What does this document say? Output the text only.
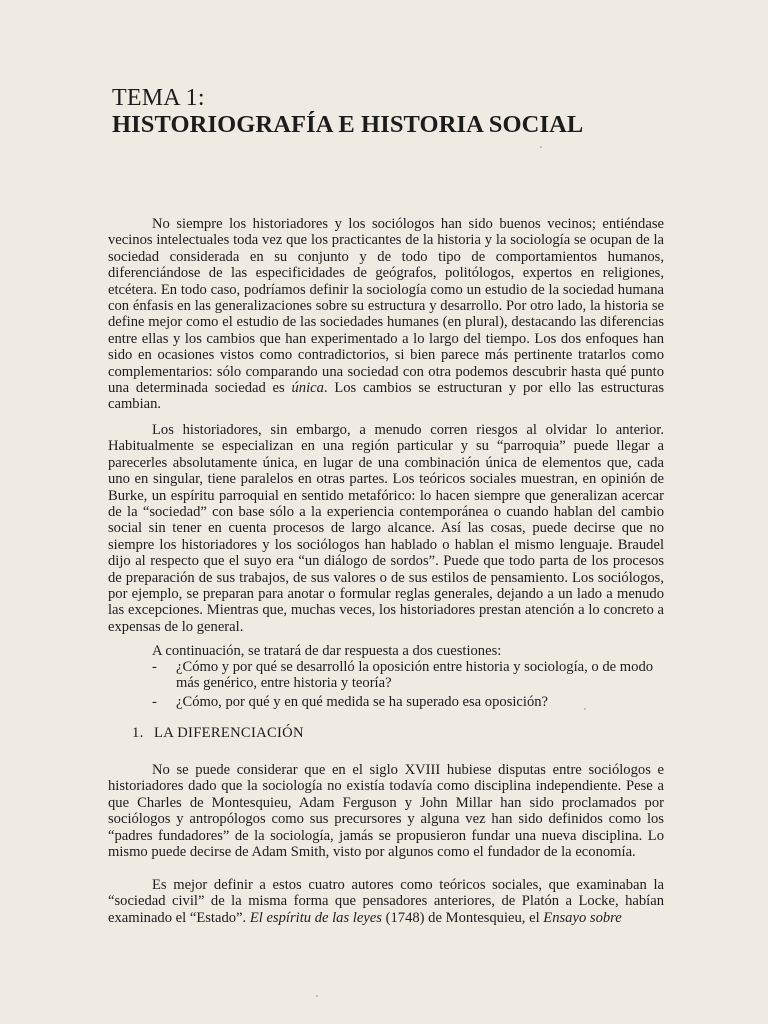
TEMA 1:
HISTORIOGRAFÍA E HISTORIA SOCIAL

No siempre los historiadores y los sociólogos han sido buenos vecinos; entiéndase vecinos intelectuales toda vez que los practicantes de la historia y la sociología se ocupan de la sociedad considerada en su conjunto y de todo tipo de comportamientos humanos, diferenciándose de las especificidades de geógrafos, politólogos, expertos en religiones, etcétera. En todo caso, podríamos definir la sociología como un estudio de la sociedad humana con énfasis en las generalizaciones sobre su estructura y desarrollo. Por otro lado, la historia se define mejor como el estudio de las sociedades humanes (en plural), destacando las diferencias entre ellas y los cambios que han experimentado a lo largo del tiempo. Los dos enfoques han sido en ocasiones vistos como contradictorios, si bien parece más pertinente tratarlos como complementarios: sólo comparando una sociedad con otra podemos descubrir hasta qué punto una determinada sociedad es única. Los cambios se estructuran y por ello las estructuras cambian.

Los historiadores, sin embargo, a menudo corren riesgos al olvidar lo anterior. Habitualmente se especializan en una región particular y su “parroquia” puede llegar a parecerles absolutamente única, en lugar de una combinación única de elementos que, cada uno en singular, tiene paralelos en otras partes. Los teóricos sociales muestran, en opinión de Burke, un espíritu parroquial en sentido metafórico: lo hacen siempre que generalizan acercar de la “sociedad” con base sólo a la experiencia contemporánea o cuando hablan del cambio social sin tener en cuenta procesos de largo alcance. Así las cosas, puede decirse que no siempre los historiadores y los sociólogos han hablado o hablan el mismo lenguaje. Braudel dijo al respecto que el suyo era “un diálogo de sordos”. Puede que todo parta de los procesos de preparación de sus trabajos, de sus valores o de sus estilos de pensamiento. Los sociólogos, por ejemplo, se preparan para anotar o formular reglas generales, dejando a un lado a menudo las excepciones. Mientras que, muchas veces, los historiadores prestan atención a lo concreto a expensas de lo general.

A continuación, se tratará de dar respuesta a dos cuestiones:
-	¿Cómo y por qué se desarrolló la oposición entre historia y sociología, o de modo más genérico, entre historia y teoría?
-	¿Cómo, por qué y en qué medida se ha superado esa oposición?
1. LA DIFERENCIACIÓN

No se puede considerar que en el siglo XVIII hubiese disputas entre sociólogos e historiadores dado que la sociología no existía todavía como disciplina independiente. Pese a que Charles de Montesquieu, Adam Ferguson y John Millar han sido proclamados por sociólogos y antropólogos como sus precursores y alguna vez han sido definidos como los “padres fundadores” de la sociología, jamás se propusieron fundar una nueva disciplina. Lo mismo puede decirse de Adam Smith, visto por algunos como el fundador de la economía.

Es mejor definir a estos cuatro autores como teóricos sociales, que examinaban la “sociedad civil” de la misma forma que pensadores anteriores, de Platón a Locke, habían examinado el “Estado”. El espíritu de las leyes (1748) de Montesquieu, el Ensayo sobre
